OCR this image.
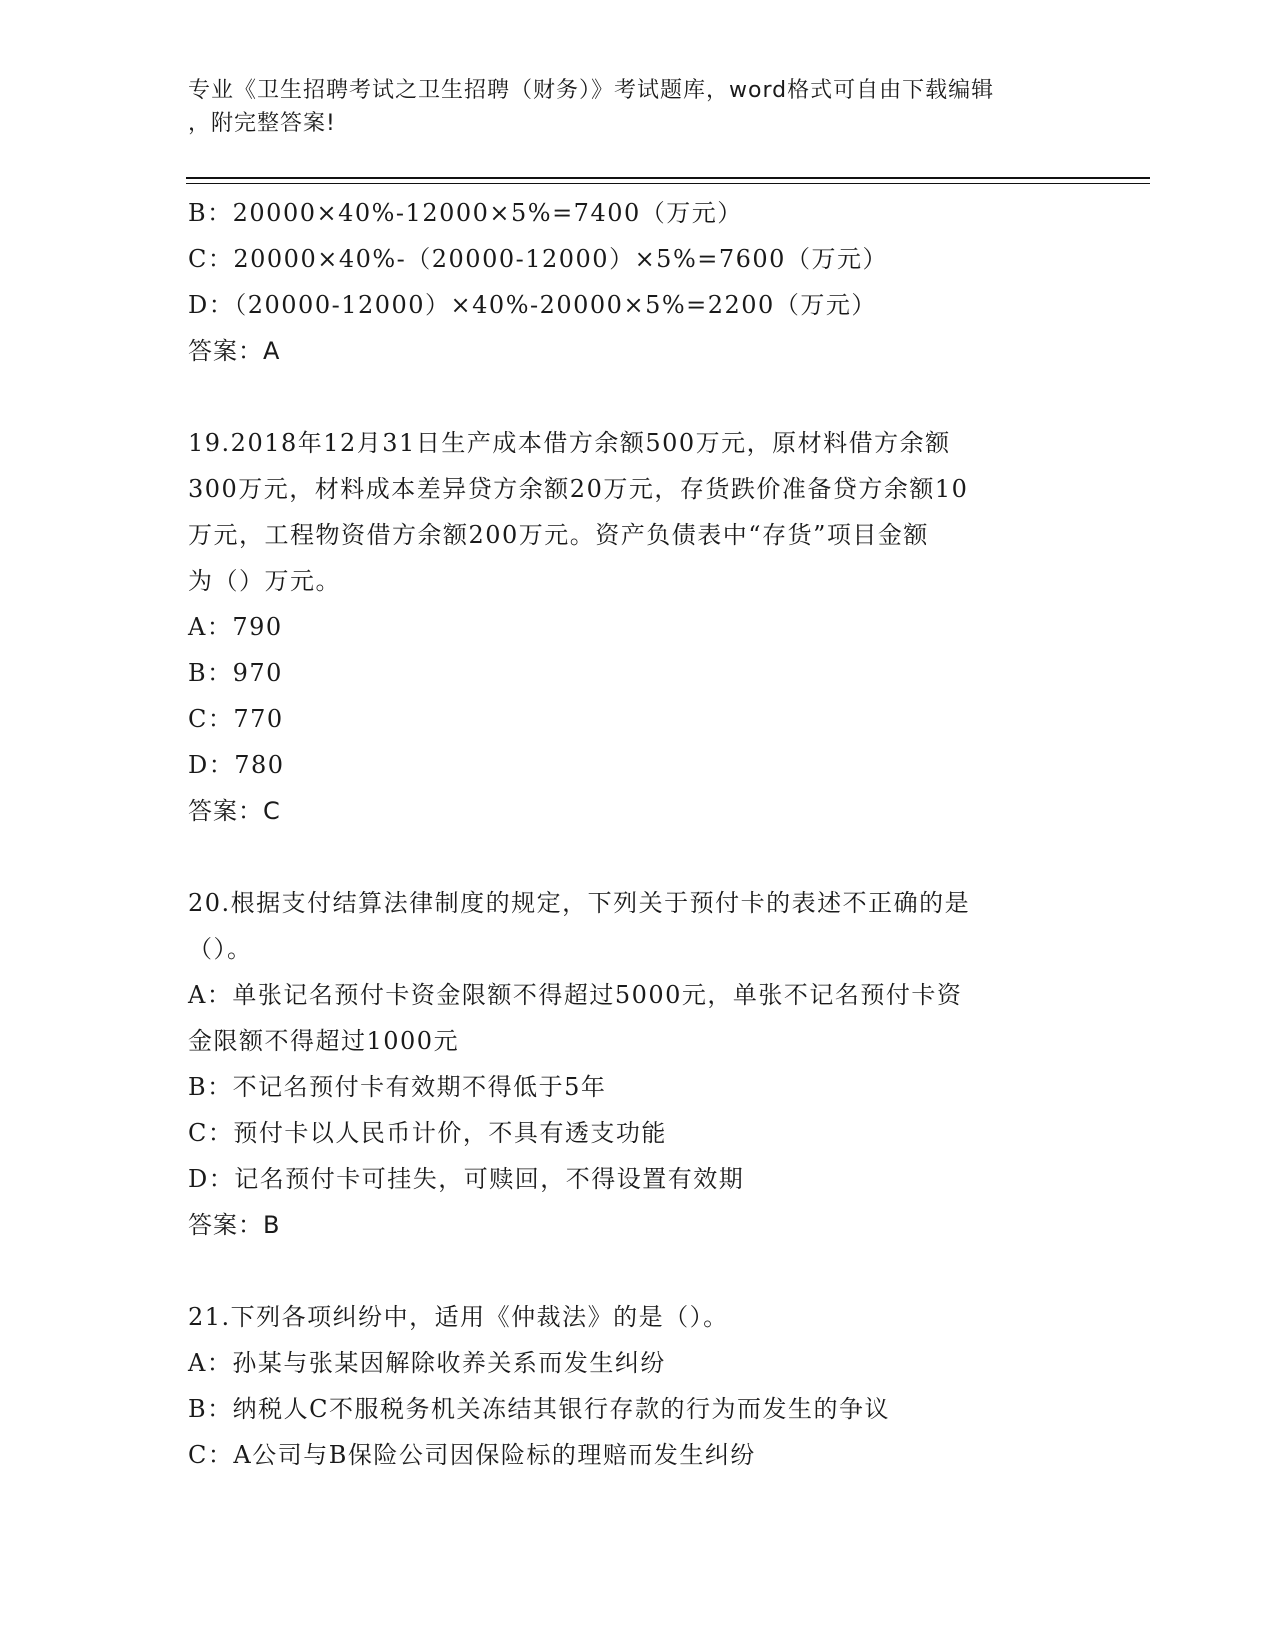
专业《卫生招聘考试之卫生招聘（财务）》考试题库，word格式可自由下载编辑
，附完整答案!
B：20000×40%-12000×5%=7400（万元）
C：20000×40%-（20000-12000）×5%=7600（万元）
D：（20000-12000）×40%-20000×5%=2200（万元）
答案：A
19.2018年12月31日生产成本借方余额500万元，原材料借方余额
300万元，材料成本差异贷方余额20万元，存货跌价准备贷方余额10
万元，工程物资借方余额200万元。资产负债表中“存货”项目金额
为（）万元。
A：790
B：970
C：770
D：780
答案：C
20.根据支付结算法律制度的规定，下列关于预付卡的表述不正确的是
（）。
A：单张记名预付卡资金限额不得超过5000元，单张不记名预付卡资
金限额不得超过1000元
B：不记名预付卡有效期不得低于5年
C：预付卡以人民币计价，不具有透支功能
D：记名预付卡可挂失，可赎回，不得设置有效期
答案：B
21.下列各项纠纷中，适用《仲裁法》的是（）。
A：孙某与张某因解除收养关系而发生纠纷
B：纳税人C不服税务机关冻结其银行存款的行为而发生的争议
C：A公司与B保险公司因保险标的理赔而发生纠纷
